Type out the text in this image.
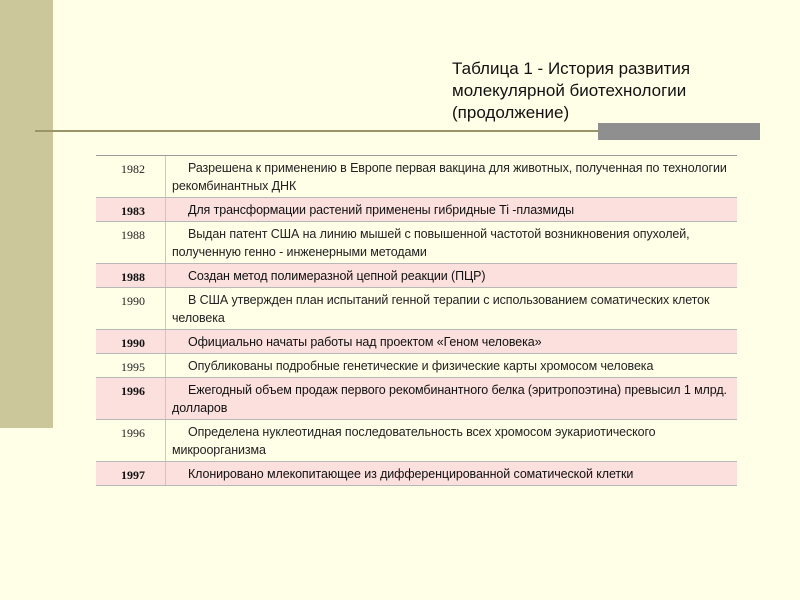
Таблица 1 - История развития
молекулярной биотехнологии
(продолжение)
1982	Разрешена к применению в Европе первая вакцина для животных, полученная по технологии рекомбинантных ДНК
1983	Для трансформации растений применены гибридные Ti -плазмиды
1988	Выдан патент США на линию мышей с повышенной частотой возникновения опухолей, полученную генно - инженерными методами
1988	Создан метод полимеразной цепной реакции (ПЦР)
1990	В США утвержден план испытаний генной терапии с использованием соматических клеток человека
1990	Официально начаты работы над проектом «Геном человека»
1995	Опубликованы подробные генетические и физические карты хромосом человека
1996	Ежегодный объем продаж первого рекомбинантного белка (эритропоэтина) превысил 1 млрд. долларов
1996	Определена нуклеотидная последовательность всех хромосом эукариотического микроорганизма
1997	Клонировано млекопитающее из дифференцированной соматической клетки
